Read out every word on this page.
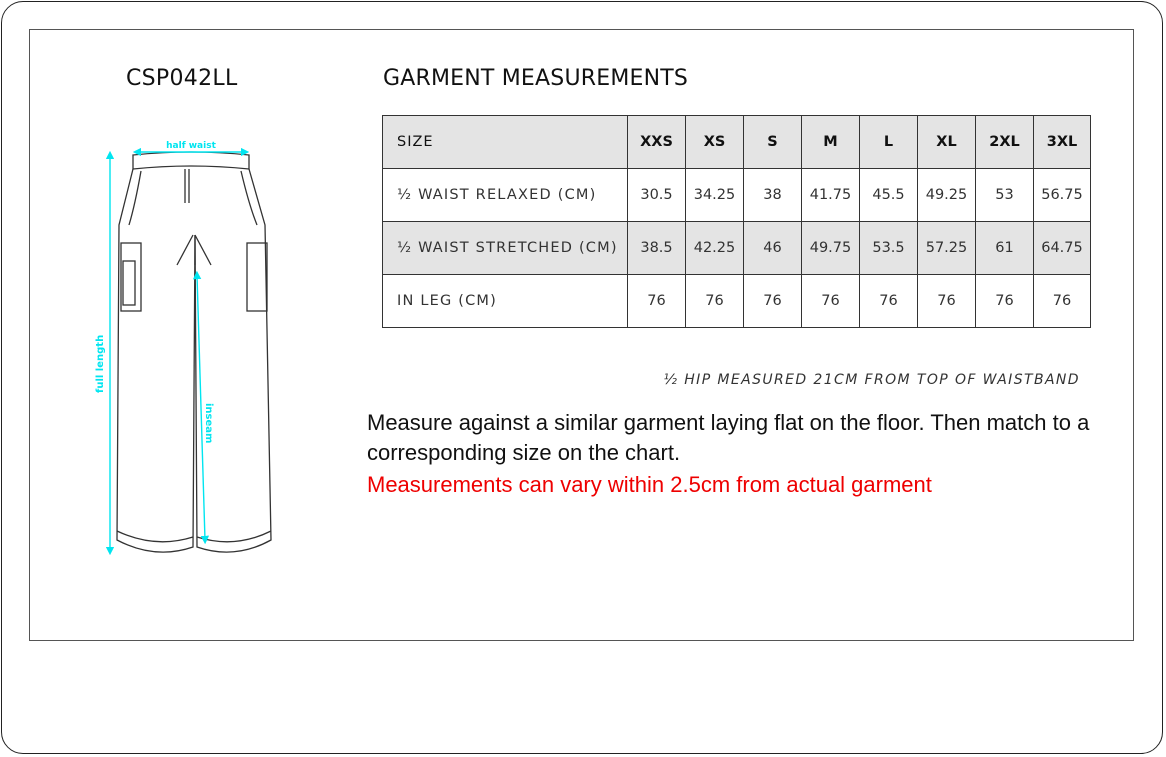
CSP042LL	GARMENT MEASUREMENTS
half waist
full length
inseam
SIZE	XXS	XS	S	M	L	XL	2XL	3XL
½ WAIST RELAXED (CM)	30.5	34.25	38	41.75	45.5	49.25	53	56.75
½ WAIST STRETCHED (CM)	38.5	42.25	46	49.75	53.5	57.25	61	64.75
IN LEG (CM)	76	76	76	76	76	76	76	76
½ HIP MEASURED 21CM FROM TOP OF WAISTBAND
Measure against a similar garment laying flat on the floor. Then match to a corresponding size on the chart.
Measurements can vary within 2.5cm from actual garment
